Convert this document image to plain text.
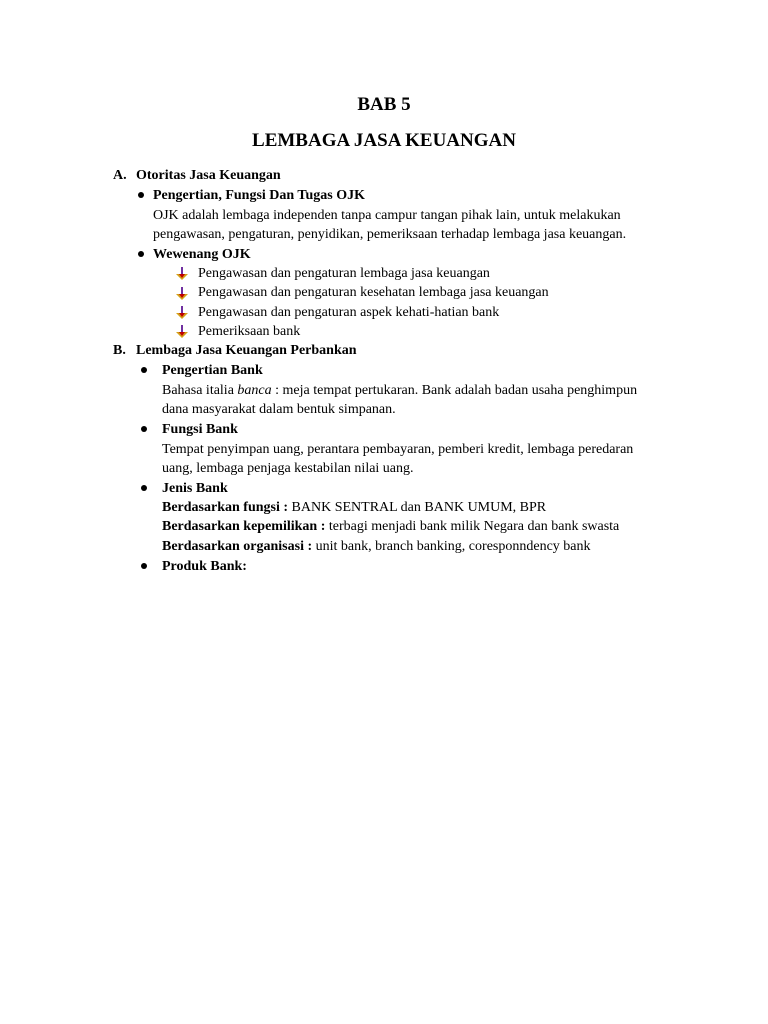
BAB 5
LEMBAGA JASA KEUANGAN
A. Otoritas Jasa Keuangan
Pengertian, Fungsi Dan Tugas OJK
OJK adalah lembaga independen tanpa campur tangan pihak lain, untuk melakukan
pengawasan, pengaturan, penyidikan, pemeriksaan terhadap lembaga jasa keuangan.
Wewenang OJK
Pengawasan dan pengaturan lembaga jasa keuangan
Pengawasan dan pengaturan kesehatan lembaga jasa keuangan
Pengawasan dan pengaturan aspek kehati-hatian bank
Pemeriksaan bank
B. Lembaga Jasa Keuangan Perbankan
Pengertian Bank
Bahasa italia banca : meja tempat pertukaran. Bank adalah badan usaha penghimpun
dana masyarakat dalam bentuk simpanan.
Fungsi Bank
Tempat penyimpan uang, perantara pembayaran, pemberi kredit, lembaga peredaran
uang, lembaga penjaga kestabilan nilai uang.
Jenis Bank
Berdasarkan fungsi : BANK SENTRAL dan BANK UMUM, BPR
Berdasarkan kepemilikan : terbagi menjadi bank milik Negara dan bank swasta
Berdasarkan organisasi : unit bank, branch banking, coresponndency bank
Produk Bank:
